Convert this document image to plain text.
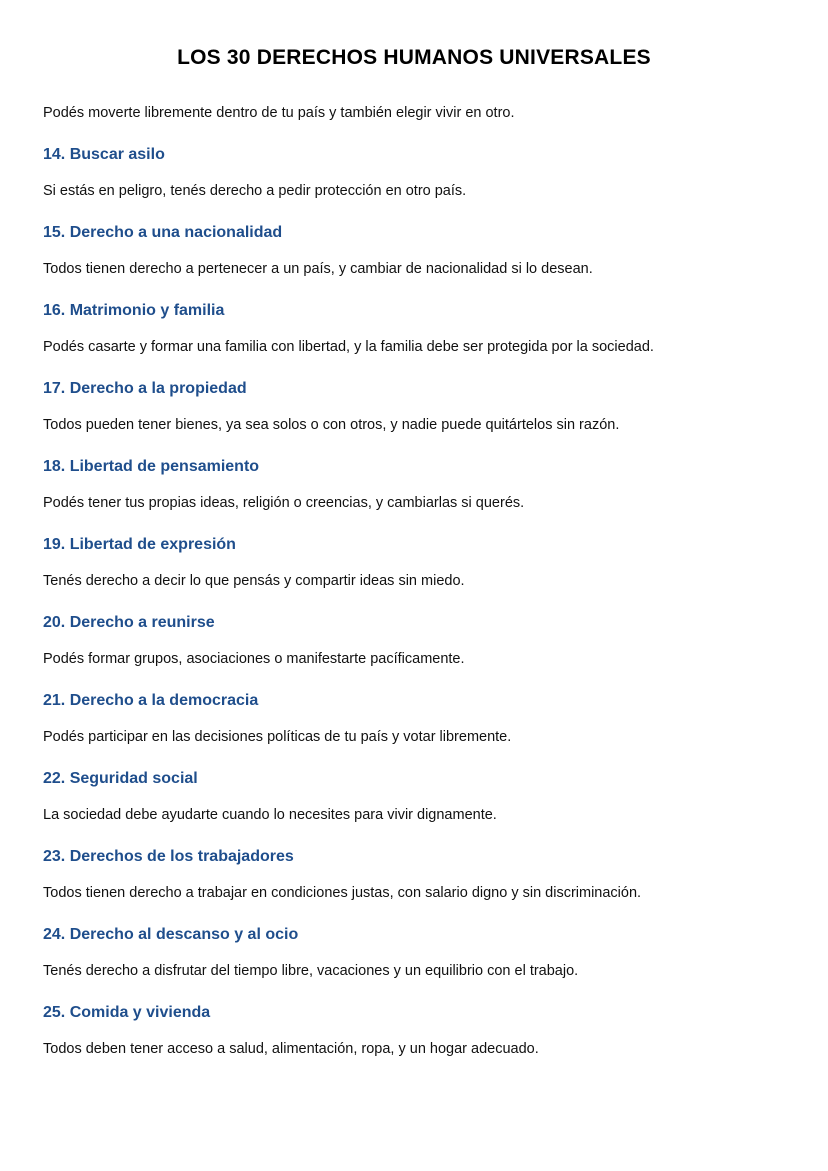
LOS 30 DERECHOS HUMANOS UNIVERSALES

Podés moverte libremente dentro de tu país y también elegir vivir en otro.

14. Buscar asilo

Si estás en peligro, tenés derecho a pedir protección en otro país.

15. Derecho a una nacionalidad

Todos tienen derecho a pertenecer a un país, y cambiar de nacionalidad si lo desean.

16. Matrimonio y familia

Podés casarte y formar una familia con libertad, y la familia debe ser protegida por la sociedad.

17. Derecho a la propiedad

Todos pueden tener bienes, ya sea solos o con otros, y nadie puede quitártelos sin razón.

18. Libertad de pensamiento

Podés tener tus propias ideas, religión o creencias, y cambiarlas si querés.

19. Libertad de expresión

Tenés derecho a decir lo que pensás y compartir ideas sin miedo.

20. Derecho a reunirse

Podés formar grupos, asociaciones o manifestarte pacíficamente.

21. Derecho a la democracia

Podés participar en las decisiones políticas de tu país y votar libremente.

22. Seguridad social

La sociedad debe ayudarte cuando lo necesites para vivir dignamente.

23. Derechos de los trabajadores

Todos tienen derecho a trabajar en condiciones justas, con salario digno y sin discriminación.

24. Derecho al descanso y al ocio

Tenés derecho a disfrutar del tiempo libre, vacaciones y un equilibrio con el trabajo.

25. Comida y vivienda

Todos deben tener acceso a salud, alimentación, ropa, y un hogar adecuado.
